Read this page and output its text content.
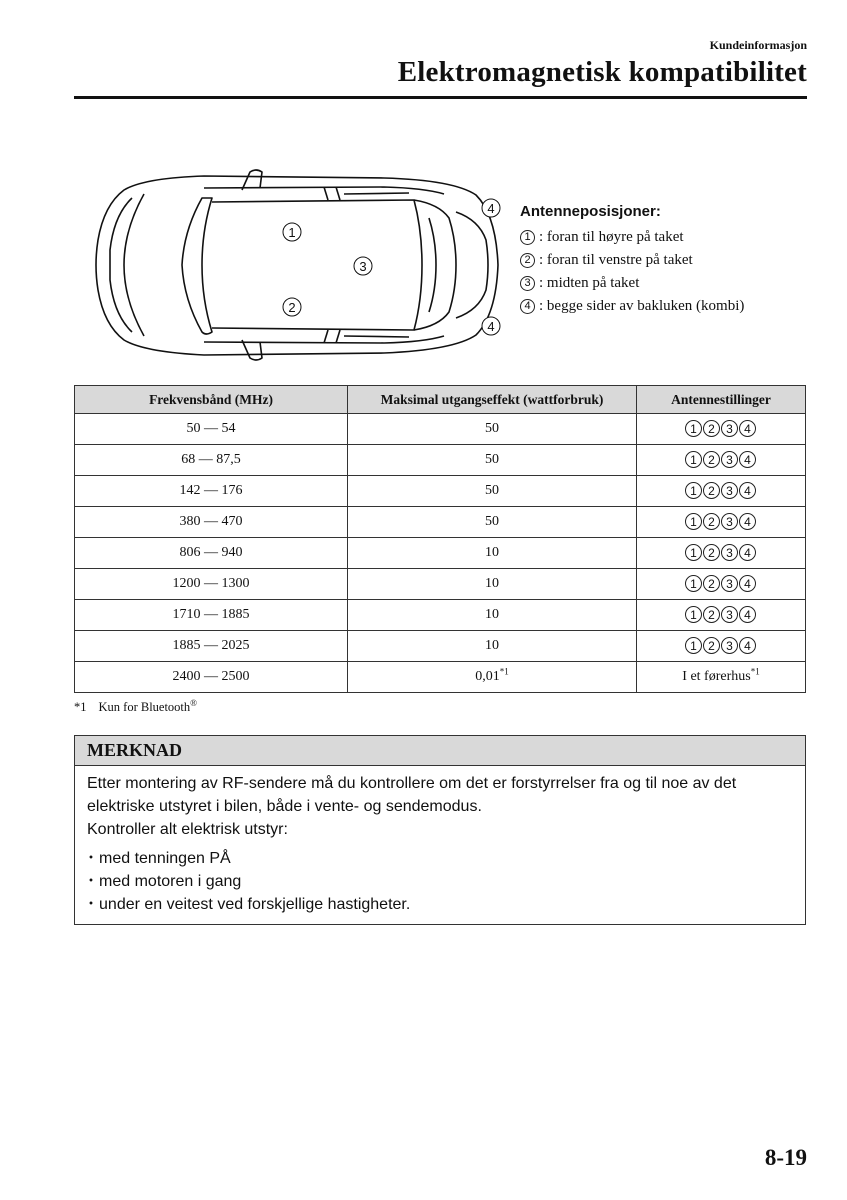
Kundeinformasjon
Elektromagnetisk kompatibilitet
1
2
3
4
4
Antenneposisjoner:
1 : foran til høyre på taket
2 : foran til venstre på taket
3 : midten på taket
4 : begge sider av bakluken (kombi)
Frekvensbånd (MHz)	Maksimal utgangseffekt (wattforbruk)	Antennestillinger
50 — 54	50	1 2 3 4
68 — 87,5	50	1 2 3 4
142 — 176	50	1 2 3 4
380 — 470	50	1 2 3 4
806 — 940	10	1 2 3 4
1200 — 1300	10	1 2 3 4
1710 — 1885	10	1 2 3 4
1885 — 2025	10	1 2 3 4
2400 — 2500	0,01$^{*1}$	I et førerhus$^{*1}$
*1 Kun for Bluetooth®
MERKNAD
Etter montering av RF-sendere må du kontrollere om det er forstyrrelser fra og til noe av det elektriske utstyret i bilen, både i vente- og sendemodus.
Kontroller alt elektrisk utstyr:
・ med tenningen PÅ
・ med motoren i gang
・ under en veitest ved forskjellige hastigheter.
8-19
